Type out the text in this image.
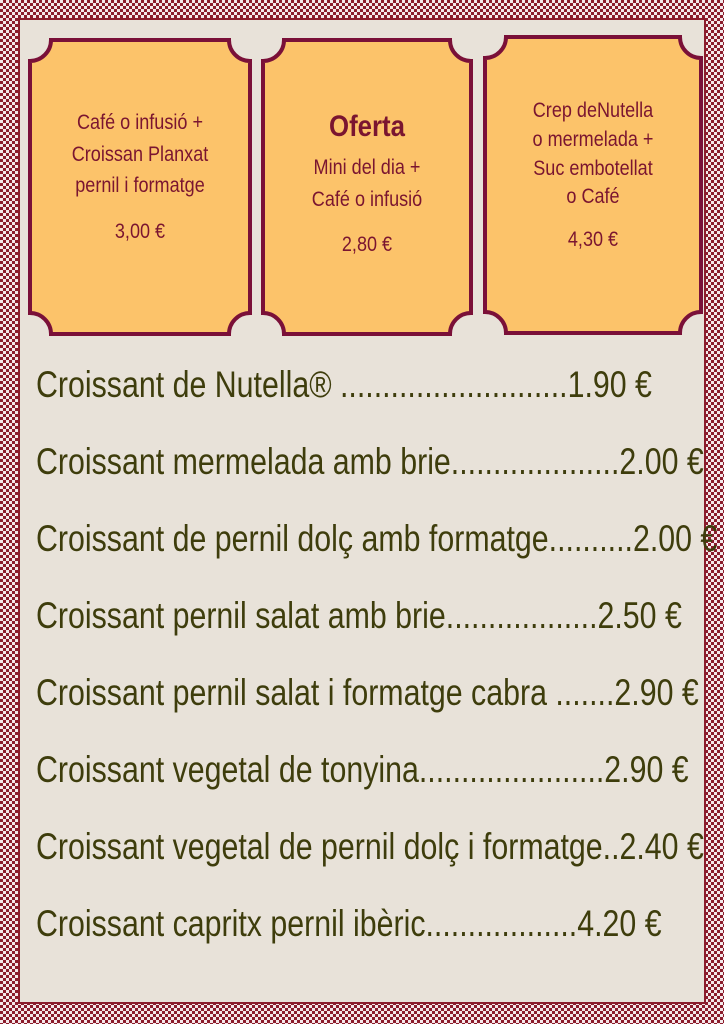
Café o infusió +
Croissan Planxat
pernil i formatge
3,00 €
Oferta
Mini del dia +
Café o infusió
2,80 €
Crep deNutella
o mermelada +
Suc embotellat
o Café
4,30 €
Croissant de Nutella® ...........................1.90 €
Croissant mermelada amb brie....................2.00 €
Croissant de pernil dolç amb formatge..........2.00 €
Croissant pernil salat amb brie..................2.50 €
Croissant pernil salat i formatge cabra .......2.90 €
Croissant vegetal de tonyina......................2.90 €
Croissant vegetal de pernil dolç i formatge..2.40 €
Croissant capritx pernil ibèric..................4.20 €
